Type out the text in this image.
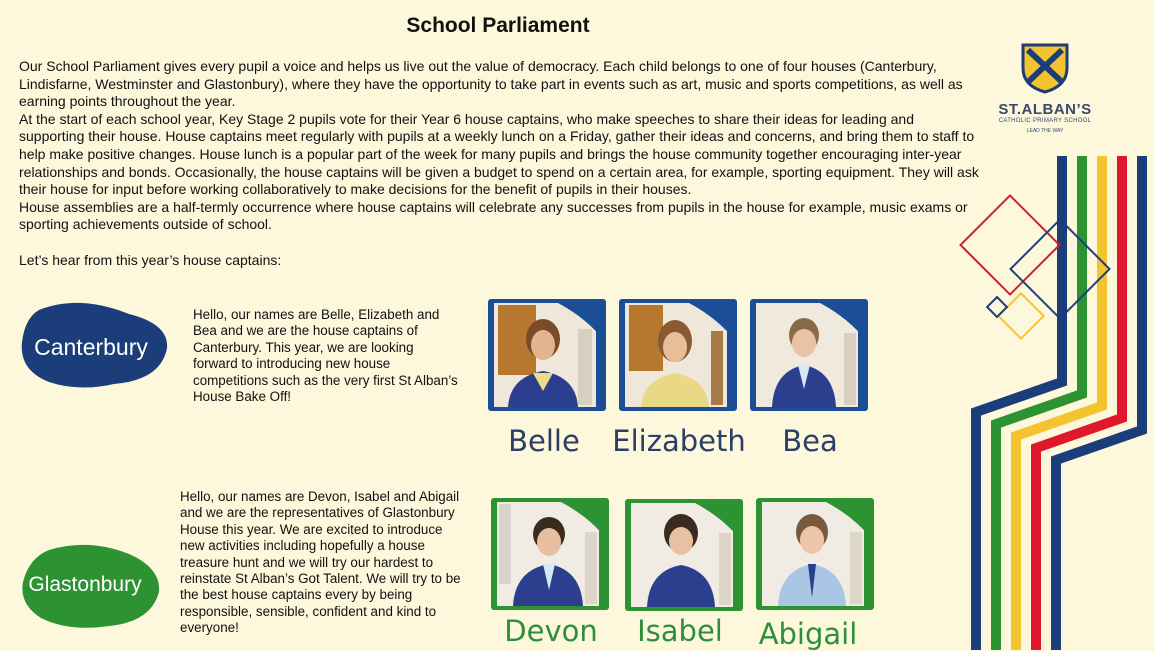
School Parliament

Our School Parliament gives every pupil a voice and helps us live out the value of democracy. Each child belongs to one of four houses (Canterbury, Lindisfarne, Westminster and Glastonbury), where they have the opportunity to take part in events such as art, music and sports competitions, as well as earning points throughout the year.

At the start of each school year, Key Stage 2 pupils vote for their Year 6 house captains, who make speeches to share their ideas for leading and supporting their house. House captains meet regularly with pupils at a weekly lunch on a Friday, gather their ideas and concerns, and bring them to staff to help make positive changes. House lunch is a popular part of the week for many pupils and brings the house community together encouraging inter-year relationships and bonds. Occasionally, the house captains will be given a budget to spend on a certain area, for example, sporting equipment. They will ask their house for input before working collaboratively to make decisions for the benefit of pupils in their houses.

House assemblies are a half-termly occurrence where house captains will celebrate any successes from pupils in the house for example, music exams or sporting achievements outside of school.

Let’s hear from this year’s house captains:

ST.ALBAN’S
CATHOLIC PRIMARY SCHOOL
LEAD THE WAY
Canterbury

Hello, our names are Belle, Elizabeth and Bea and we are the house captains of Canterbury. This year, we are looking forward to introducing new house competitions such as the very first St Alban’s House Bake Off!

Belle	Elizabeth	Bea
Glastonbury

Hello, our names are Devon, Isabel and Abigail and we are the representatives of Glastonbury House this year. We are excited to introduce new activities including hopefully a house treasure hunt and we will try our hardest to reinstate St Alban’s Got Talent. We will try to be the best house captains every by being responsible, sensible, confident and kind to everyone!	Devon	Isabel	Abigail
